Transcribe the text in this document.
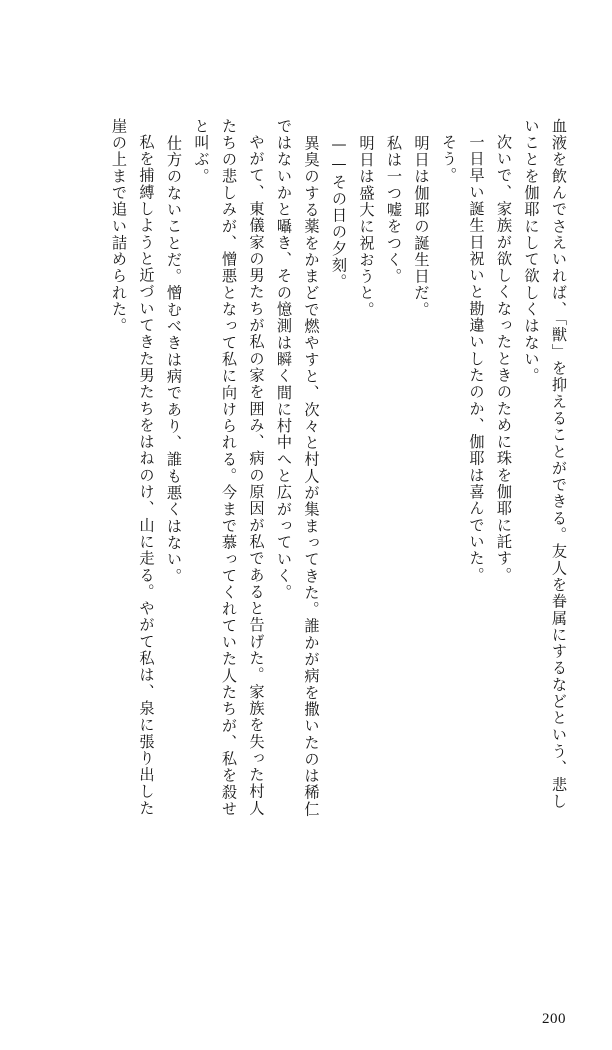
血液を飲んでさえいれば、「獣」を抑えることができる。友人を眷属にするなどという、悲し
いことを伽耶にして欲しくはない。
次いで、家族が欲しくなったときのために珠を伽耶に託す。
一日早い誕生日祝いと勘違いしたのか、伽耶は喜んでいた。
そう。
明日は伽耶の誕生日だ。
私は一つ嘘をつく。
明日は盛大に祝おうと。
——その日の夕刻。
異臭のする薬をかまどで燃やすと、次々と村人が集まってきた。誰かが病を撒いたのは稀仁
ではないかと囁き、その憶測は瞬く間に村中へと広がっていく。
やがて、東儀家の男たちが私の家を囲み、病の原因が私であると告げた。家族を失った村人
たちの悲しみが、憎悪となって私に向けられる。今まで慕ってくれていた人たちが、私を殺せ
と叫ぶ。
仕方のないことだ。憎むべきは病であり、誰も悪くはない。
私を捕縛しようと近づいてきた男たちをはねのけ、山に走る。やがて私は、泉に張り出した
崖の上まで追い詰められた。
200
